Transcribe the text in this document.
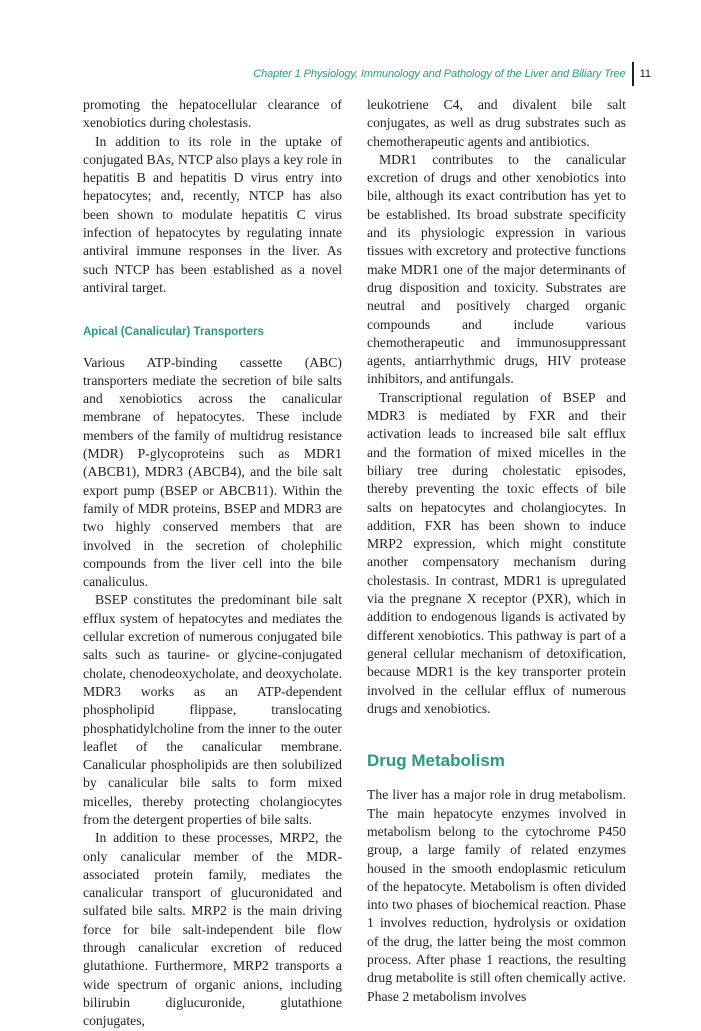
Chapter 1 Physiology, Immunology and Pathology of the Liver and Biliary Tree 11

promoting the hepatocellular clearance of xenobiotics during cholestasis.

In addition to its role in the uptake of conjugated BAs, NTCP also plays a key role in hepatitis B and hepatitis D virus entry into hepatocytes; and, recently, NTCP has also been shown to modulate hepatitis C virus infection of hepatocytes by regulating innate antiviral immune responses in the liver. As such NTCP has been established as a novel antiviral target.

Apical (Canalicular) Transporters

Various ATP-binding cassette (ABC) transporters mediate the secretion of bile salts and xenobiotics across the canalicular membrane of hepatocytes. These include members of the family of multidrug resistance (MDR) P-glycoproteins such as MDR1 (ABCB1), MDR3 (ABCB4), and the bile salt export pump (BSEP or ABCB11). Within the family of MDR proteins, BSEP and MDR3 are two highly conserved members that are involved in the secretion of cholephilic compounds from the liver cell into the bile canaliculus.

BSEP constitutes the predominant bile salt efflux system of hepatocytes and mediates the cellular excretion of numerous conjugated bile salts such as taurine- or glycine-conjugated cholate, chenodeoxycholate, and deoxycholate. MDR3 works as an ATP-dependent phospholipid flippase, translocating phosphatidylcholine from the inner to the outer leaflet of the canalicular membrane. Canalicular phospholipids are then solubilized by canalicular bile salts to form mixed micelles, thereby protecting cholangiocytes from the detergent properties of bile salts.

In addition to these processes, MRP2, the only canalicular member of the MDR-associated protein family, mediates the canalicular transport of glucuronidated and sulfated bile salts. MRP2 is the main driving force for bile salt-independent bile flow through canalicular excretion of reduced glutathione. Furthermore, MRP2 transports a wide spectrum of organic anions, including bilirubin diglucuronide, glutathione conjugates,

leukotriene C4, and divalent bile salt conjugates, as well as drug substrates such as chemotherapeutic agents and antibiotics.

MDR1 contributes to the canalicular excretion of drugs and other xenobiotics into bile, although its exact contribution has yet to be established. Its broad substrate specificity and its physiologic expression in various tissues with excretory and protective functions make MDR1 one of the major determinants of drug disposition and toxicity. Substrates are neutral and positively charged organic compounds and include various chemotherapeutic and immunosuppressant agents, antiarrhythmic drugs, HIV protease inhibitors, and antifungals.

Transcriptional regulation of BSEP and MDR3 is mediated by FXR and their activation leads to increased bile salt efflux and the formation of mixed micelles in the biliary tree during cholestatic episodes, thereby preventing the toxic effects of bile salts on hepatocytes and cholangiocytes. In addition, FXR has been shown to induce MRP2 expression, which might constitute another compensatory mechanism during cholestasis. In contrast, MDR1 is upregulated via the pregnane X receptor (PXR), which in addition to endogenous ligands is activated by different xenobiotics. This pathway is part of a general cellular mechanism of detoxification, because MDR1 is the key transporter protein involved in the cellular efflux of numerous drugs and xenobiotics.

Drug Metabolism

The liver has a major role in drug metabolism. The main hepatocyte enzymes involved in metabolism belong to the cytochrome P450 group, a large family of related enzymes housed in the smooth endoplasmic reticulum of the hepatocyte. Metabolism is often divided into two phases of biochemical reaction. Phase 1 involves reduction, hydrolysis or oxidation of the drug, the latter being the most common process. After phase 1 reactions, the resulting drug metabolite is still often chemically active. Phase 2 metabolism involves
